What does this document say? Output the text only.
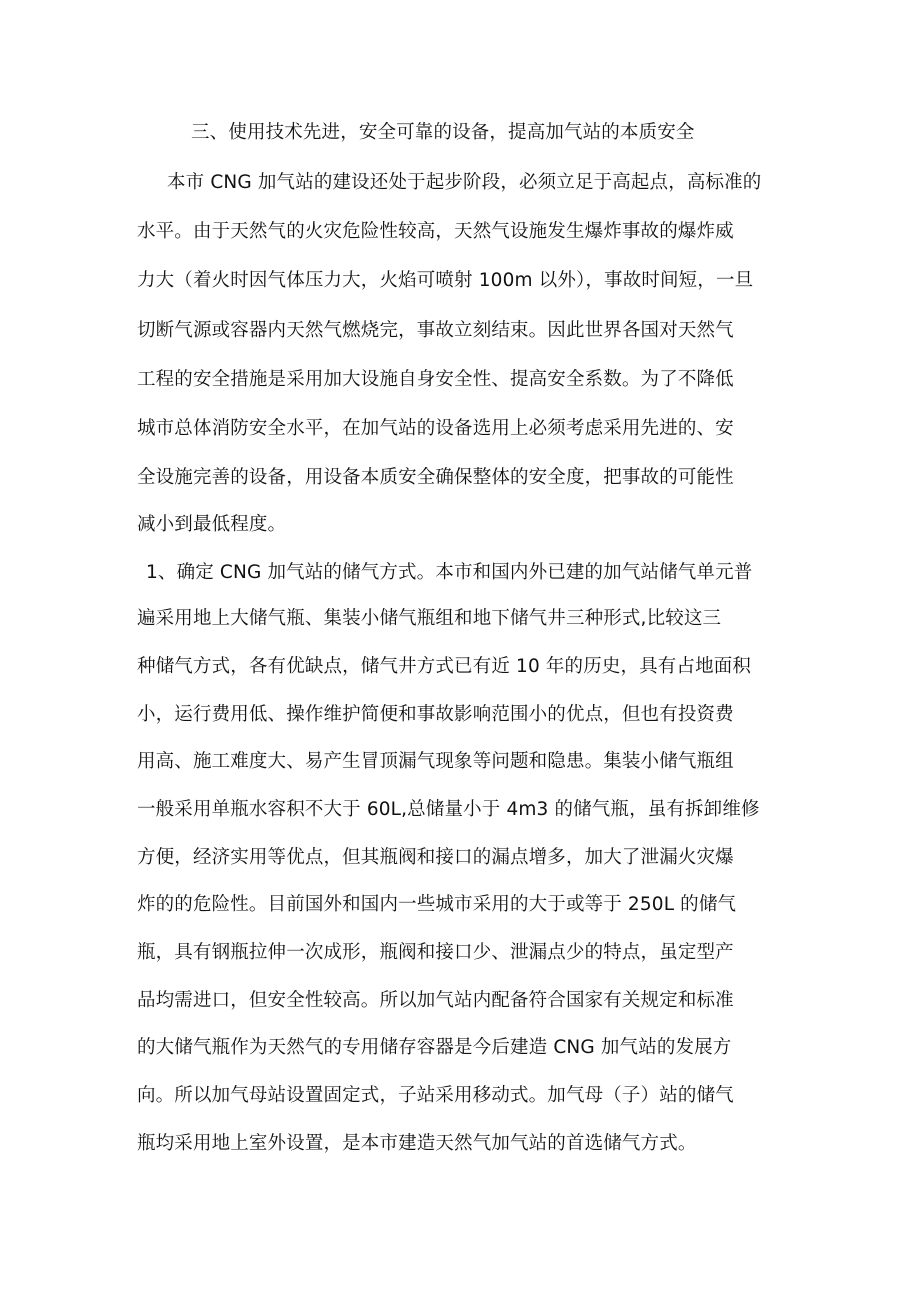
三、使用技术先进，安全可靠的设备，提高加气站的本质安全
本市 CNG 加气站的建设还处于起步阶段，必须立足于高起点，高标准的
水平。由于天然气的火灾危险性较高，天然气设施发生爆炸事故的爆炸威
力大（着火时因气体压力大，火焰可喷射 100m 以外），事故时间短，一旦
切断气源或容器内天然气燃烧完，事故立刻结束。因此世界各国对天然气
工程的安全措施是采用加大设施自身安全性、提高安全系数。为了不降低
城市总体消防安全水平，在加气站的设备选用上必须考虑采用先进的、安
全设施完善的设备，用设备本质安全确保整体的安全度，把事故的可能性
减小到最低程度。
1、确定 CNG 加气站的储气方式。本市和国内外已建的加气站储气单元普
遍采用地上大储气瓶、集装小储气瓶组和地下储气井三种形式,比较这三
种储气方式，各有优缺点，储气井方式已有近 10 年的历史，具有占地面积
小，运行费用低、操作维护简便和事故影响范围小的优点，但也有投资费
用高、施工难度大、易产生冒顶漏气现象等问题和隐患。集装小储气瓶组
一般采用单瓶水容积不大于 60L,总储量小于 4m3 的储气瓶，虽有拆卸维修
方便，经济实用等优点，但其瓶阀和接口的漏点增多，加大了泄漏火灾爆
炸的的危险性。目前国外和国内一些城市采用的大于或等于 250L 的储气
瓶，具有钢瓶拉伸一次成形，瓶阀和接口少、泄漏点少的特点，虽定型产
品均需进口，但安全性较高。所以加气站内配备符合国家有关规定和标准
的大储气瓶作为天然气的专用储存容器是今后建造 CNG 加气站的发展方
向。所以加气母站设置固定式，子站采用移动式。加气母（子）站的储气
瓶均采用地上室外设置，是本市建造天然气加气站的首选储气方式。
